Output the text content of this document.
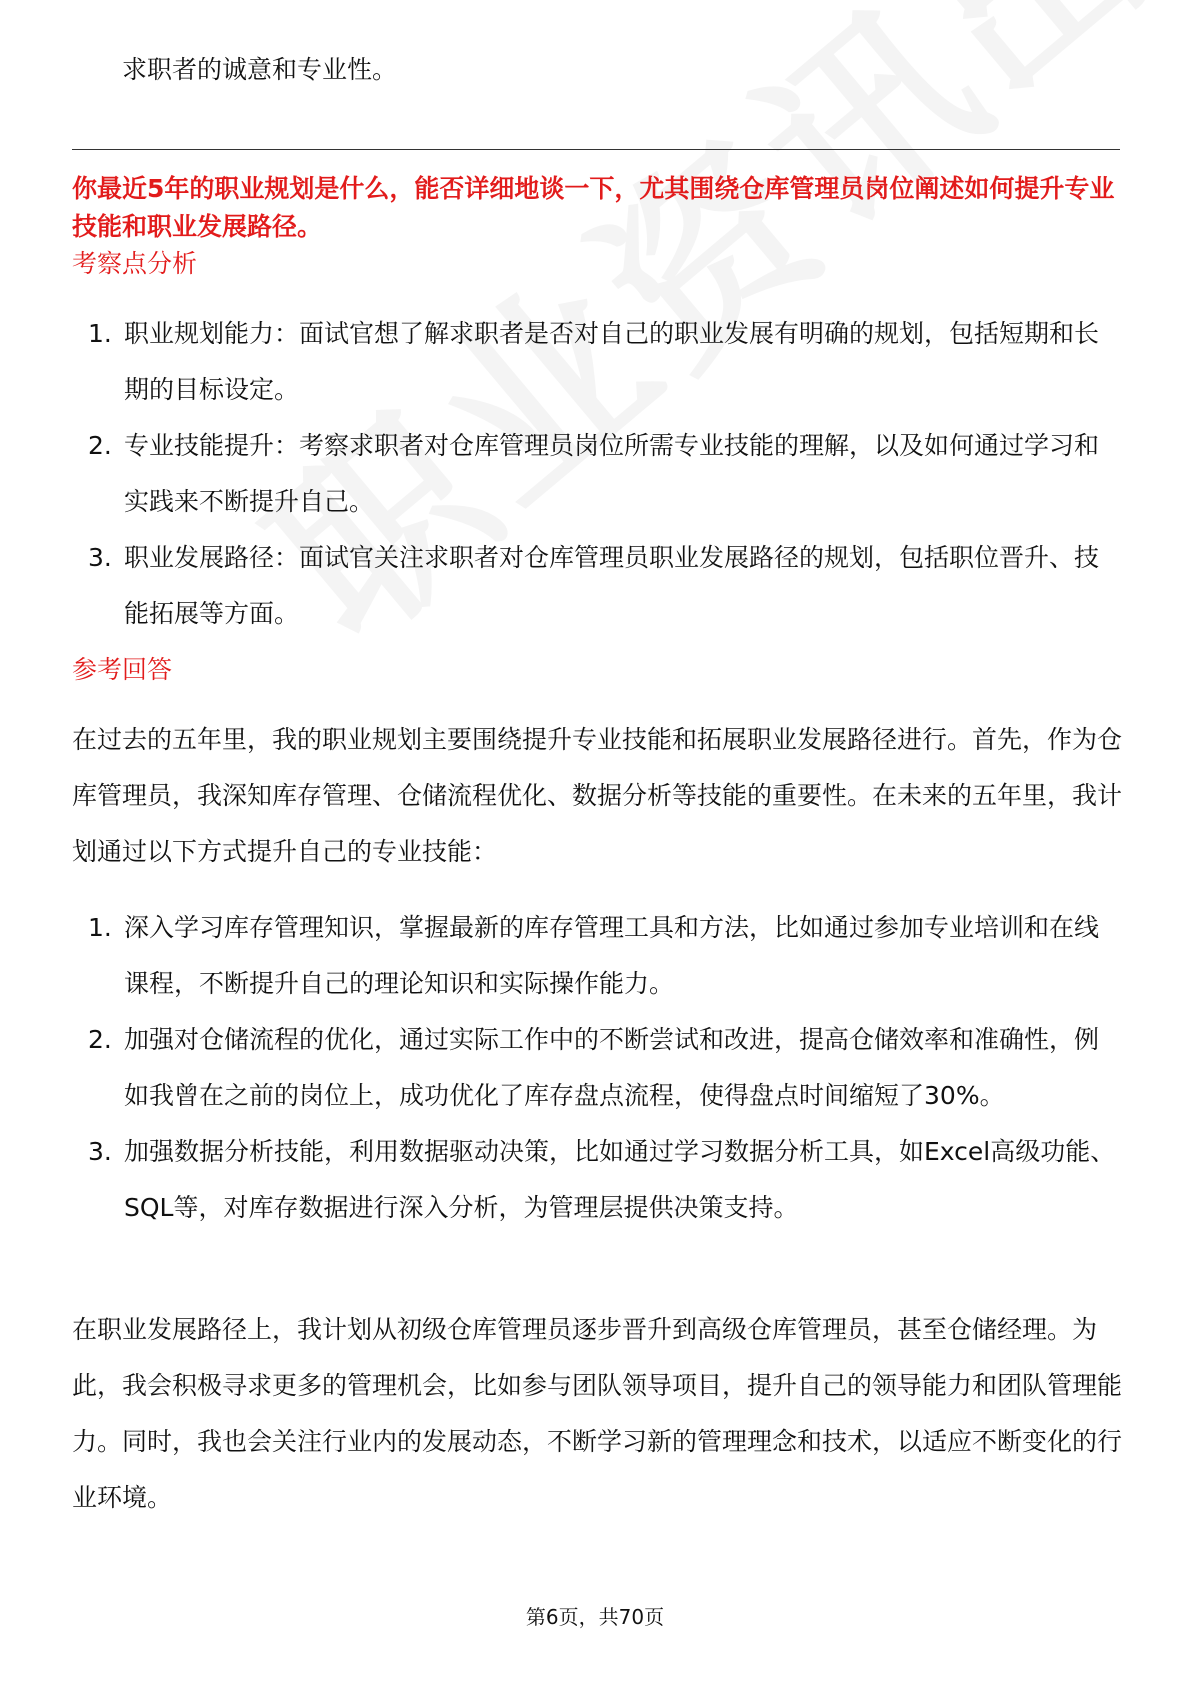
求职者的诚意和专业性。
你最近5年的职业规划是什么，能否详细地谈一下，尤其围绕仓库管理员岗位阐述如何提升专业技能和职业发展路径。
考察点分析
1. 职业规划能力：面试官想了解求职者是否对自己的职业发展有明确的规划，包括短期和长期的目标设定。
2. 专业技能提升：考察求职者对仓库管理员岗位所需专业技能的理解，以及如何通过学习和实践来不断提升自己。
3. 职业发展路径：面试官关注求职者对仓库管理员职业发展路径的规划，包括职位晋升、技能拓展等方面。
参考回答
在过去的五年里，我的职业规划主要围绕提升专业技能和拓展职业发展路径进行。首先，作为仓库管理员，我深知库存管理、仓储流程优化、数据分析等技能的重要性。在未来的五年里，我计划通过以下方式提升自己的专业技能：
1. 深入学习库存管理知识，掌握最新的库存管理工具和方法，比如通过参加专业培训和在线课程，不断提升自己的理论知识和实际操作能力。
2. 加强对仓储流程的优化，通过实际工作中的不断尝试和改进，提高仓储效率和准确性，例如我曾在之前的岗位上，成功优化了库存盘点流程，使得盘点时间缩短了30%。
3. 加强数据分析技能，利用数据驱动决策，比如通过学习数据分析工具，如Excel高级功能、SQL等，对库存数据进行深入分析，为管理层提供决策支持。
在职业发展路径上，我计划从初级仓库管理员逐步晋升到高级仓库管理员，甚至仓储经理。为此，我会积极寻求更多的管理机会，比如参与团队领导项目，提升自己的领导能力和团队管理能力。同时，我也会关注行业内的发展动态，不断学习新的管理理念和技术，以适应不断变化的行业环境。
第6页，共70页
